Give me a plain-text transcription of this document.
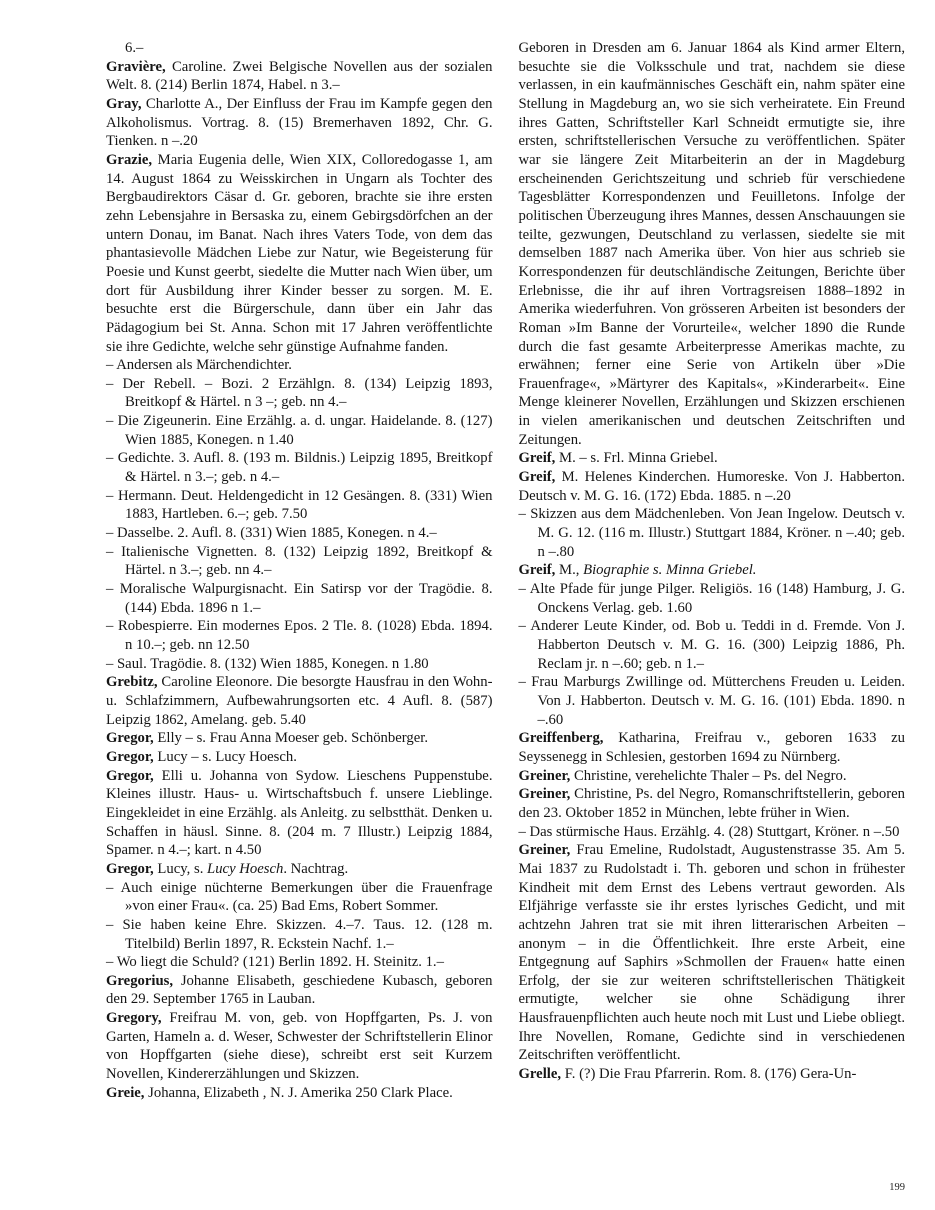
6.–

Gravière, Caroline. Zwei Belgische Novellen aus der sozialen Welt. 8. (214) Berlin 1874, Habel. n 3.–

Gray, Charlotte A., Der Einfluss der Frau im Kampfe gegen den Alkoholismus. Vortrag. 8. (15) Bremerhaven 1892, Chr. G. Tienken. n –.20

Grazie, Maria Eugenia delle, Wien XIX, Colloredogasse 1, am 14. August 1864 zu Weisskirchen in Ungarn als Tochter des Bergbaudirektors Cäsar d. Gr. geboren, brachte sie ihre ersten zehn Lebensjahre in Bersaska zu, einem Gebirgsdörfchen an der untern Donau, im Banat. Nach ihres Vaters Tode, von dem das phantasievolle Mädchen Liebe zur Natur, wie Begeisterung für Poesie und Kunst geerbt, siedelte die Mutter nach Wien über, um dort für Ausbildung ihrer Kinder besser zu sorgen. M. E. besuchte erst die Bürgerschule, dann über ein Jahr das Pädagogium bei St. Anna. Schon mit 17 Jahren veröffentlichte sie ihre Gedichte, welche sehr günstige Aufnahme fanden.

– Andersen als Märchendichter.

– Der Rebell. – Bozi. 2 Erzählgn. 8. (134) Leipzig 1893, Breitkopf & Härtel. n 3 –; geb. nn 4.–

– Die Zigeunerin. Eine Erzählg. a. d. ungar. Haidelande. 8. (127) Wien 1885, Konegen. n 1.40

– Gedichte. 3. Aufl. 8. (193 m. Bildnis.) Leipzig 1895, Breitkopf & Härtel. n 3.–; geb. n 4.–

– Hermann. Deut. Heldengedicht in 12 Gesängen. 8. (331) Wien 1883, Hartleben. 6.–; geb. 7.50

– Dasselbe. 2. Aufl. 8. (331) Wien 1885, Konegen. n 4.–

– Italienische Vignetten. 8. (132) Leipzig 1892, Breitkopf & Härtel. n 3.–; geb. nn 4.–

– Moralische Walpurgisnacht. Ein Satirsp vor der Tragödie. 8. (144) Ebda. 1896 n 1.–

– Robespierre. Ein modernes Epos. 2 Tle. 8. (1028) Ebda. 1894. n 10.–; geb. nn 12.50

– Saul. Tragödie. 8. (132) Wien 1885, Konegen. n 1.80

Grebitz, Caroline Eleonore. Die besorgte Hausfrau in den Wohn- u. Schlafzimmern, Aufbewahrungsorten etc. 4 Aufl. 8. (587) Leipzig 1862, Amelang. geb. 5.40

Gregor, Elly – s. Frau Anna Moeser geb. Schönberger.

Gregor, Lucy – s. Lucy Hoesch.

Gregor, Elli u. Johanna von Sydow. Lieschens Puppenstube. Kleines illustr. Haus- u. Wirtschaftsbuch f. unsere Lieblinge. Eingekleidet in eine Erzählg. als Anleitg. zu selbstthät. Denken u. Schaffen in häusl. Sinne. 8. (204 m. 7 Illustr.) Leipzig 1884, Spamer. n 4.–; kart. n 4.50

Gregor, Lucy, s. Lucy Hoesch. Nachtrag.

– Auch einige nüchterne Bemerkungen über die Frauenfrage »von einer Frau«. (ca. 25) Bad Ems, Robert Sommer.

– Sie haben keine Ehre. Skizzen. 4.–7. Taus. 12. (128 m. Titelbild) Berlin 1897, R. Eckstein Nachf. 1.–

– Wo liegt die Schuld? (121) Berlin 1892. H. Steinitz. 1.–

Gregorius, Johanne Elisabeth, geschiedene Kubasch, geboren den 29. September 1765 in Lauban.

Gregory, Freifrau M. von, geb. von Hopffgarten, Ps. J. von Garten, Hameln a. d. Weser, Schwester der Schriftstellerin Elinor von Hopffgarten (siehe diese), schreibt erst seit Kurzem Novellen, Kindererzählungen und Skizzen.

Greie, Johanna, Elizabeth , N. J. Amerika 250 Clark Place.

Geboren in Dresden am 6. Januar 1864 als Kind armer Eltern, besuchte sie die Volksschule und trat, nachdem sie diese verlassen, in ein kaufmännisches Geschäft ein, nahm später eine Stellung in Magdeburg an, wo sie sich verheiratete. Ein Freund ihres Gatten, Schriftsteller Karl Schneidt ermutigte sie, ihre ersten, schriftstellerischen Versuche zu veröffentlichen. Später war sie längere Zeit Mitarbeiterin an der in Magdeburg erscheinenden Gerichtszeitung und schrieb für verschiedene Tagesblätter Korrespondenzen und Feuilletons. Infolge der politischen Überzeugung ihres Mannes, dessen Anschauungen sie teilte, gezwungen, Deutschland zu verlassen, siedelte sie mit demselben 1887 nach Amerika über. Von hier aus schrieb sie Korrespondenzen für deutschländische Zeitungen, Berichte über Erlebnisse, die ihr auf ihren Vortragsreisen 1888–1892 in Amerika wiederfuhren. Von grösseren Arbeiten ist besonders der Roman »Im Banne der Vorurteile«, welcher 1890 die Runde durch die fast gesamte Arbeiterpresse Amerikas machte, zu erwähnen; ferner eine Serie von Artikeln über »Die Frauenfrage«, »Märtyrer des Kapitals«, »Kinderarbeit«. Eine Menge kleinerer Novellen, Erzählungen und Skizzen erschienen in vielen amerikanischen und deutschen Zeitschriften und Zeitungen.

Greif, M. – s. Frl. Minna Griebel.

Greif, M. Helenes Kinderchen. Humoreske. Von J. Habberton. Deutsch v. M. G. 16. (172) Ebda. 1885. n –.20

– Skizzen aus dem Mädchenleben. Von Jean Ingelow. Deutsch v. M. G. 12. (116 m. Illustr.) Stuttgart 1884, Kröner. n –.40; geb. n –.80

Greif, M., Biographie s. Minna Griebel.

– Alte Pfade für junge Pilger. Religiös. 16 (148) Hamburg, J. G. Onckens Verlag. geb. 1.60

– Anderer Leute Kinder, od. Bob u. Teddi in d. Fremde. Von J. Habberton Deutsch v. M. G. 16. (300) Leipzig 1886, Ph. Reclam jr. n –.60; geb. n 1.–

– Frau Marburgs Zwillinge od. Mütterchens Freuden u. Leiden. Von J. Habberton. Deutsch v. M. G. 16. (101) Ebda. 1890. n –.60

Greiffenberg, Katharina, Freifrau v., geboren 1633 zu Seyssenegg in Schlesien, gestorben 1694 zu Nürnberg.

Greiner, Christine, verehelichte Thaler – Ps. del Negro.

Greiner, Christine, Ps. del Negro, Romanschriftstellerin, geboren den 23. Oktober 1852 in München, lebte früher in Wien.

– Das stürmische Haus. Erzählg. 4. (28) Stuttgart, Kröner. n –.50

Greiner, Frau Emeline, Rudolstadt, Augustenstrasse 35. Am 5. Mai 1837 zu Rudolstadt i. Th. geboren und schon in frühester Kindheit mit dem Ernst des Lebens vertraut geworden. Als Elfjährige verfasste sie ihr erstes lyrisches Gedicht, und mit achtzehn Jahren trat sie mit ihren litterarischen Arbeiten – anonym – in die Öffentlichkeit. Ihre erste Arbeit, eine Entgegnung auf Saphirs »Schmollen der Frauen« hatte einen Erfolg, der sie zur weiteren schriftstellerischen Thätigkeit ermutigte, welcher sie ohne Schädigung ihrer Hausfrauenpflichten auch heute noch mit Lust und Liebe obliegt. Ihre Novellen, Romane, Gedichte sind in verschiedenen Zeitschriften veröffentlicht.

Grelle, F. (?) Die Frau Pfarrerin. Rom. 8. (176) Gera-Un-

199
